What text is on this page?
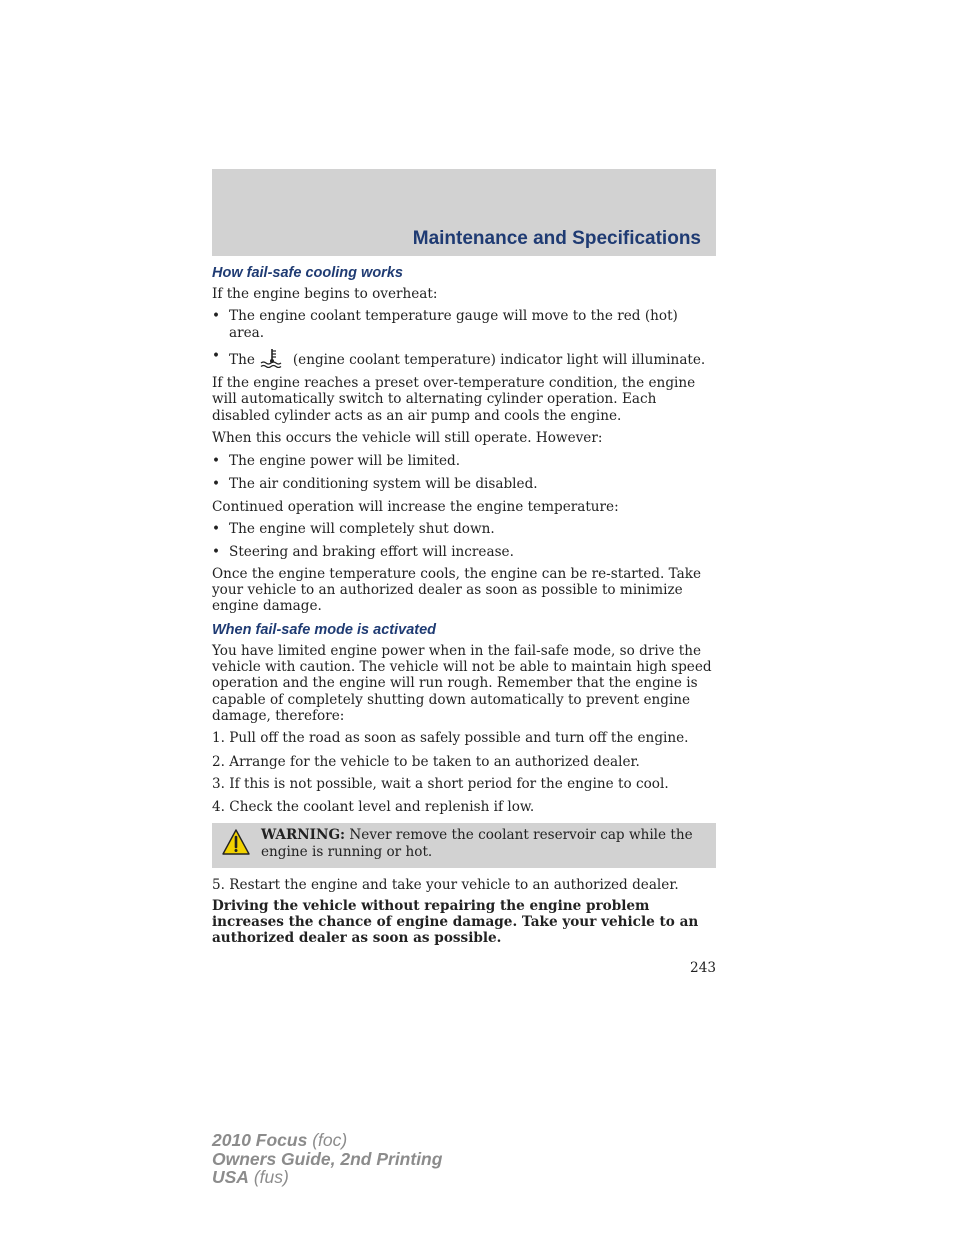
Maintenance and Specifications
How fail-safe cooling works

If the engine begins to overheat:

• The engine coolant temperature gauge will move to the red (hot) area.
• The	(engine coolant temperature) indicator light will illuminate.

If the engine reaches a preset over-temperature condition, the engine will automatically switch to alternating cylinder operation. Each disabled cylinder acts as an air pump and cools the engine.

When this occurs the vehicle will still operate. However:

• The engine power will be limited.
• The air conditioning system will be disabled.

Continued operation will increase the engine temperature:

• The engine will completely shut down.
• Steering and braking effort will increase.

Once the engine temperature cools, the engine can be re-started. Take your vehicle to an authorized dealer as soon as possible to minimize engine damage.

When fail-safe mode is activated

You have limited engine power when in the fail-safe mode, so drive the vehicle with caution. The vehicle will not be able to maintain high speed operation and the engine will run rough. Remember that the engine is capable of completely shutting down automatically to prevent engine damage, therefore:

1. Pull off the road as soon as safely possible and turn off the engine.

2. Arrange for the vehicle to be taken to an authorized dealer.

3. If this is not possible, wait a short period for the engine to cool.

4. Check the coolant level and replenish if low.

WARNING: Never remove the coolant reservoir cap while the engine is running or hot.

5. Restart the engine and take your vehicle to an authorized dealer.

Driving the vehicle without repairing the engine problem increases the chance of engine damage. Take your vehicle to an authorized dealer as soon as possible.

243
2010 Focus (foc)
Owners Guide, 2nd Printing
USA (fus)
